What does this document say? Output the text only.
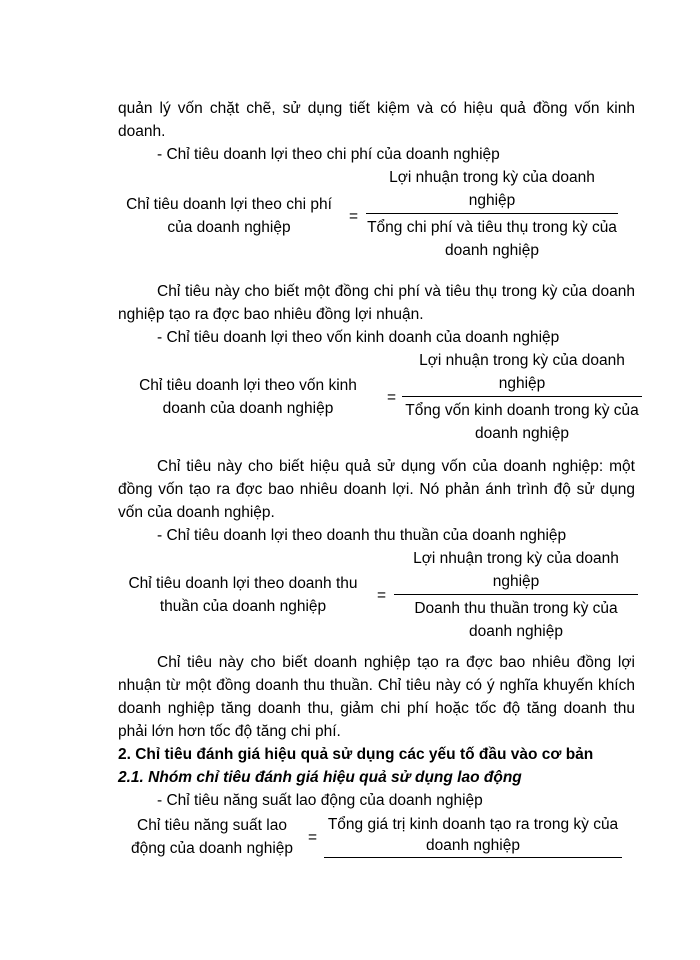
quản lý vốn chặt chẽ, sử dụng tiết kiệm và có hiệu quả đồng vốn kinh doanh.

- Chỉ tiêu doanh lợi theo chi phí của doanh nghiệp

Chỉ tiêu doanh lợi theo chi phí của doanh nghiệp
=
Lợi nhuận trong kỳ của doanh nghiệp
Tổng chi phí và tiêu thụ trong kỳ của doanh nghiệp

Chỉ tiêu này cho biết một đồng chi phí và tiêu thụ trong kỳ của doanh nghiệp tạo ra đợc bao nhiêu đồng lợi nhuận.

- Chỉ tiêu doanh lợi theo vốn kinh doanh của doanh nghiệp

Chỉ tiêu doanh lợi theo vốn kinh doanh của doanh nghiệp
=
Lợi nhuận trong kỳ của doanh nghiệp
Tổng vốn kinh doanh trong kỳ của doanh nghiệp

Chỉ tiêu này cho biết hiệu quả sử dụng vốn của doanh nghiệp: một đồng vốn tạo ra đợc bao nhiêu doanh lợi. Nó phản ánh trình độ sử dụng vốn của doanh nghiệp.

- Chỉ tiêu doanh lợi theo doanh thu thuần của doanh nghiệp

Chỉ tiêu doanh lợi theo doanh thu thuần của doanh nghiệp
=
Lợi nhuận trong kỳ của doanh nghiệp
Doanh thu thuần trong kỳ của doanh nghiệp

Chỉ tiêu này cho biết doanh nghiệp tạo ra đợc bao nhiêu đồng lợi nhuận từ một đồng doanh thu thuần. Chỉ tiêu này có ý nghĩa khuyến khích doanh nghiệp tăng doanh thu, giảm chi phí hoặc tốc độ tăng doanh thu phải lớn hơn tốc độ tăng chi phí.

2. Chỉ tiêu đánh giá hiệu quả sử dụng các yếu tố đầu vào cơ bản
2.1. Nhóm chỉ tiêu đánh giá hiệu quả sử dụng lao động

- Chỉ tiêu năng suất lao động của doanh nghiệp

Chỉ tiêu năng suất lao động của doanh nghiệp
=
Tổng giá trị kinh doanh tạo ra trong kỳ của doanh nghiệp
